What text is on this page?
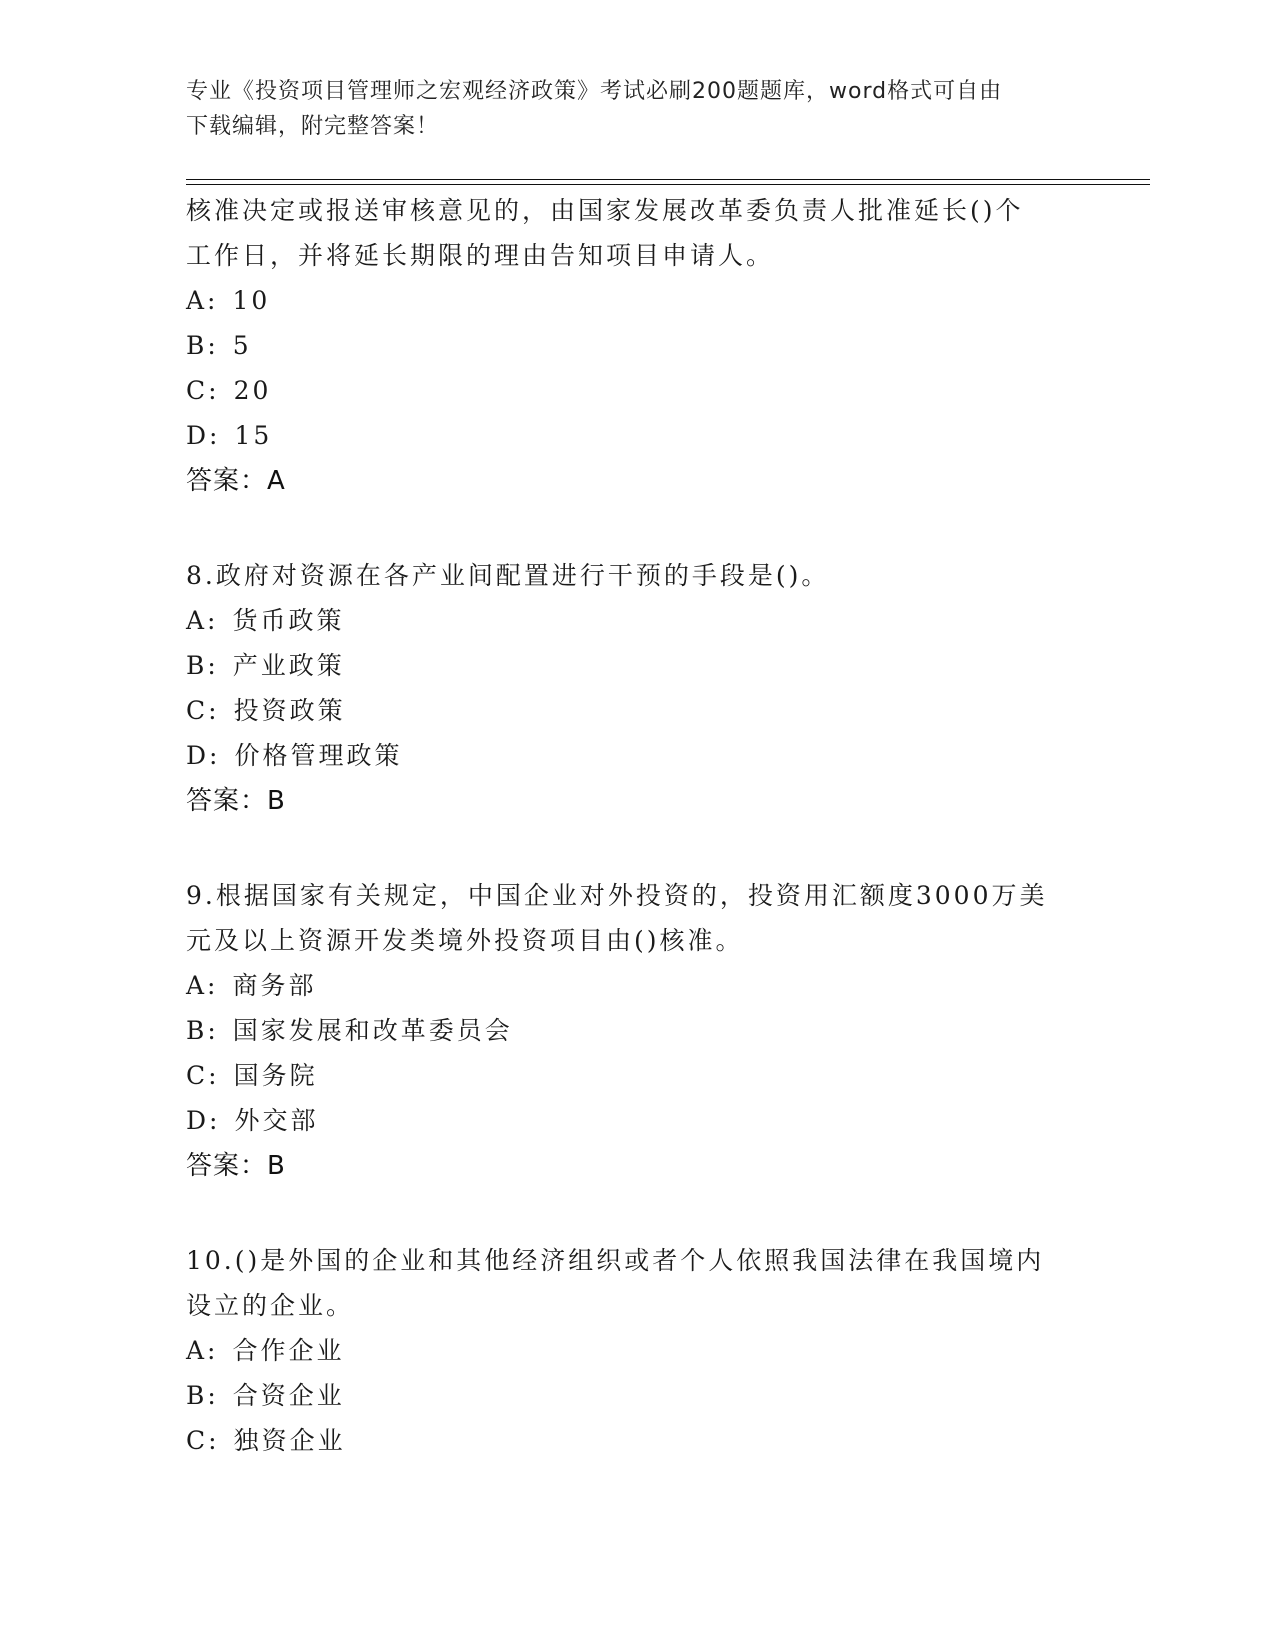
专业《投资项目管理师之宏观经济政策》考试必刷200题题库，word格式可自由
下载编辑，附完整答案！

核准决定或报送审核意见的，由国家发展改革委负责人批准延长()个

工作日，并将延长期限的理由告知项目申请人。

A: 10
B: 5
C: 20
D: 15
答案：A

8.政府对资源在各产业间配置进行干预的手段是()。

A: 货币政策
B: 产业政策
C: 投资政策
D: 价格管理政策
答案：B

9.根据国家有关规定，中国企业对外投资的，投资用汇额度3000万美

元及以上资源开发类境外投资项目由()核准。

A: 商务部
B: 国家发展和改革委员会
C: 国务院
D: 外交部
答案：B

10.()是外国的企业和其他经济组织或者个人依照我国法律在我国境内

设立的企业。

A: 合作企业
B: 合资企业
C: 独资企业
